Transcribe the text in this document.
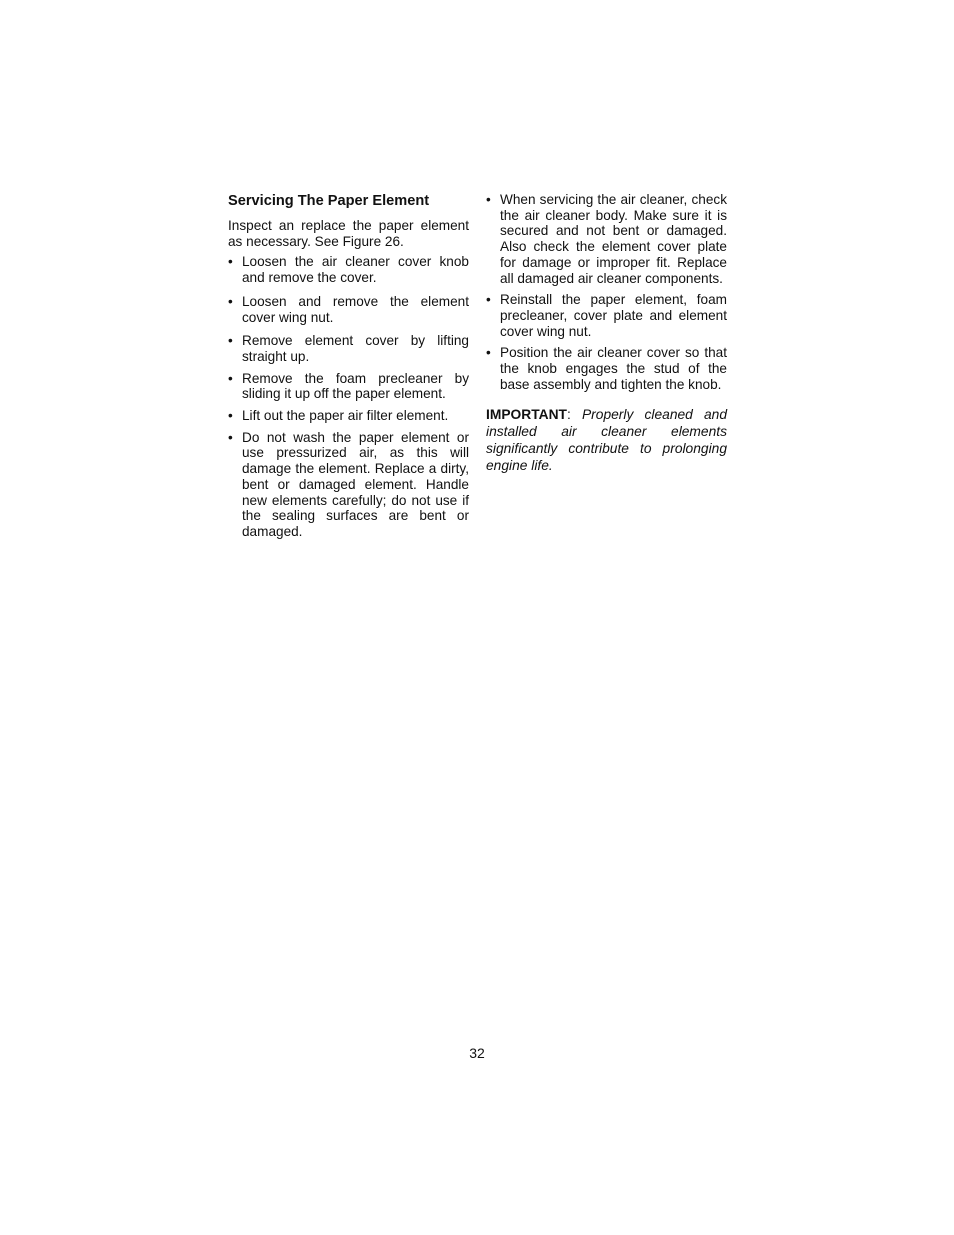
Servicing The Paper Element

Inspect an replace the paper element as necessary. See Figure 26.

• Loosen the air cleaner cover knob and remove the cover.
• Loosen and remove the element cover wing nut.
• Remove element cover by lifting straight up.
• Remove the foam precleaner by sliding it up off the paper element.
• Lift out the paper air filter element.
• Do not wash the paper element or use pressurized air, as this will damage the element. Replace a dirty, bent or damaged element. Handle new elements carefully; do not use if the sealing surfaces are bent or damaged.
• When servicing the air cleaner, check the air cleaner body. Make sure it is secured and not bent or damaged. Also check the element cover plate for damage or improper fit. Replace all damaged air cleaner components.
• Reinstall the paper element, foam precleaner, cover plate and element cover wing nut.
• Position the air cleaner cover so that the knob engages the stud of the base assembly and tighten the knob.

IMPORTANT: Properly cleaned and installed air cleaner elements significantly contribute to prolonging engine life.

32
